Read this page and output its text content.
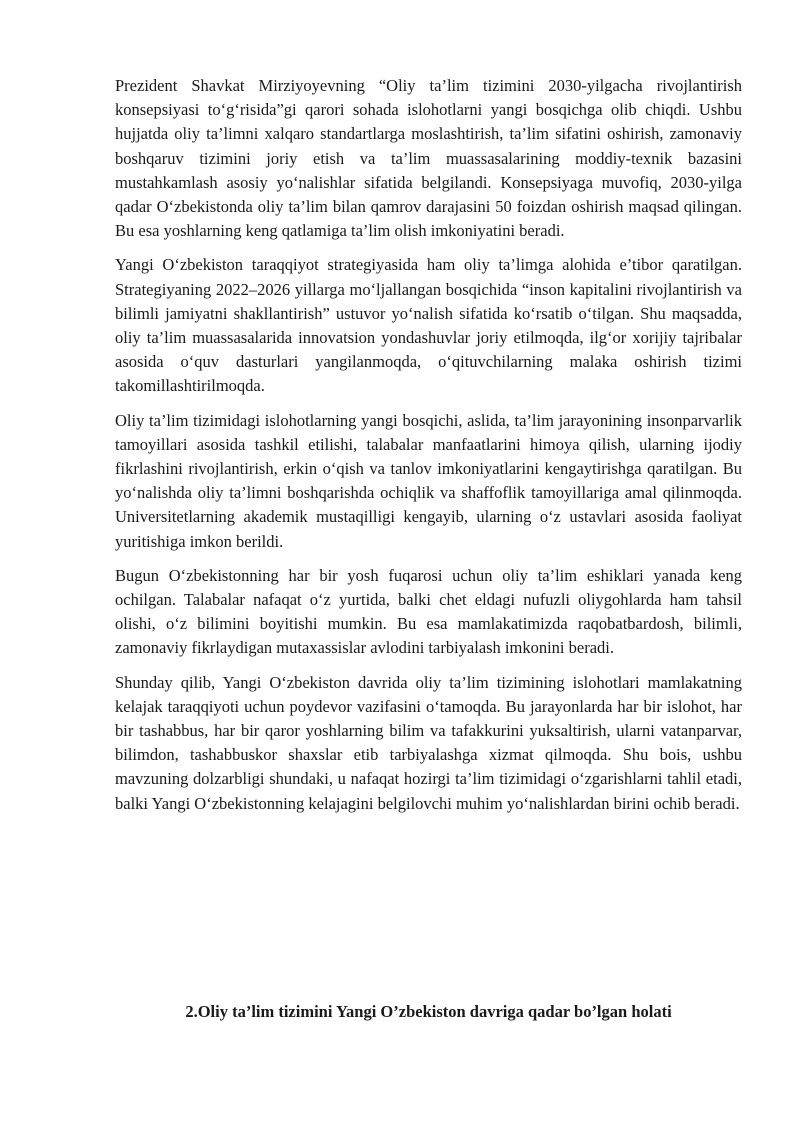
Prezident Shavkat Mirziyoyevning “Oliy ta’lim tizimini 2030-yilgacha rivojlantirish konsepsiyasi to‘g‘risida”gi qarori sohada islohotlarni yangi bosqichga olib chiqdi. Ushbu hujjatda oliy ta’limni xalqaro standartlarga moslashtirish, ta’lim sifatini oshirish, zamonaviy boshqaruv tizimini joriy etish va ta’lim muassasalarining moddiy-texnik bazasini mustahkamlash asosiy yo‘nalishlar sifatida belgilandi. Konsepsiyaga muvofiq, 2030-yilga qadar O‘zbekistonda oliy ta’lim bilan qamrov darajasini 50 foizdan oshirish maqsad qilingan. Bu esa yoshlarning keng qatlamiga ta’lim olish imkoniyatini beradi.

Yangi O‘zbekiston taraqqiyot strategiyasida ham oliy ta’limga alohida e’tibor qaratilgan. Strategiyaning 2022–2026 yillarga mo‘ljallangan bosqichida “inson kapitalini rivojlantirish va bilimli jamiyatni shakllantirish” ustuvor yo‘nalish sifatida ko‘rsatib o‘tilgan. Shu maqsadda, oliy ta’lim muassasalarida innovatsion yondashuvlar joriy etilmoqda, ilg‘or xorijiy tajribalar asosida o‘quv dasturlari yangilanmoqda, o‘qituvchilarning malaka oshirish tizimi takomillashtirilmoqda.

Oliy ta’lim tizimidagi islohotlarning yangi bosqichi, aslida, ta’lim jarayonining insonparvarlik tamoyillari asosida tashkil etilishi, talabalar manfaatlarini himoya qilish, ularning ijodiy fikrlashini rivojlantirish, erkin o‘qish va tanlov imkoniyatlarini kengaytirishga qaratilgan. Bu yo‘nalishda oliy ta’limni boshqarishda ochiqlik va shaffoflik tamoyillariga amal qilinmoqda. Universitetlarning akademik mustaqilligi kengayib, ularning o‘z ustavlari asosida faoliyat yuritishiga imkon berildi.

Bugun O‘zbekistonning har bir yosh fuqarosi uchun oliy ta’lim eshiklari yanada keng ochilgan. Talabalar nafaqat o‘z yurtida, balki chet eldagi nufuzli oliygohlarda ham tahsil olishi, o‘z bilimini boyitishi mumkin. Bu esa mamlakatimizda raqobatbardosh, bilimli, zamonaviy fikrlaydigan mutaxassislar avlodini tarbiyalash imkonini beradi.

Shunday qilib, Yangi O‘zbekiston davrida oliy ta’lim tizimining islohotlari mamlakatning kelajak taraqqiyoti uchun poydevor vazifasini o‘tamoqda. Bu jarayonlarda har bir islohot, har bir tashabbus, har bir qaror yoshlarning bilim va tafakkurini yuksaltirish, ularni vatanparvar, bilimdon, tashabbuskor shaxslar etib tarbiyalashga xizmat qilmoqda. Shu bois, ushbu mavzuning dolzarbligi shundaki, u nafaqat hozirgi ta’lim tizimidagi o‘zgarishlarni tahlil etadi, balki Yangi O‘zbekistonning kelajagini belgilovchi muhim yo‘nalishlardan birini ochib beradi.

2.Oliy ta’lim tizimini Yangi O’zbekiston davriga qadar bo’lgan holati
